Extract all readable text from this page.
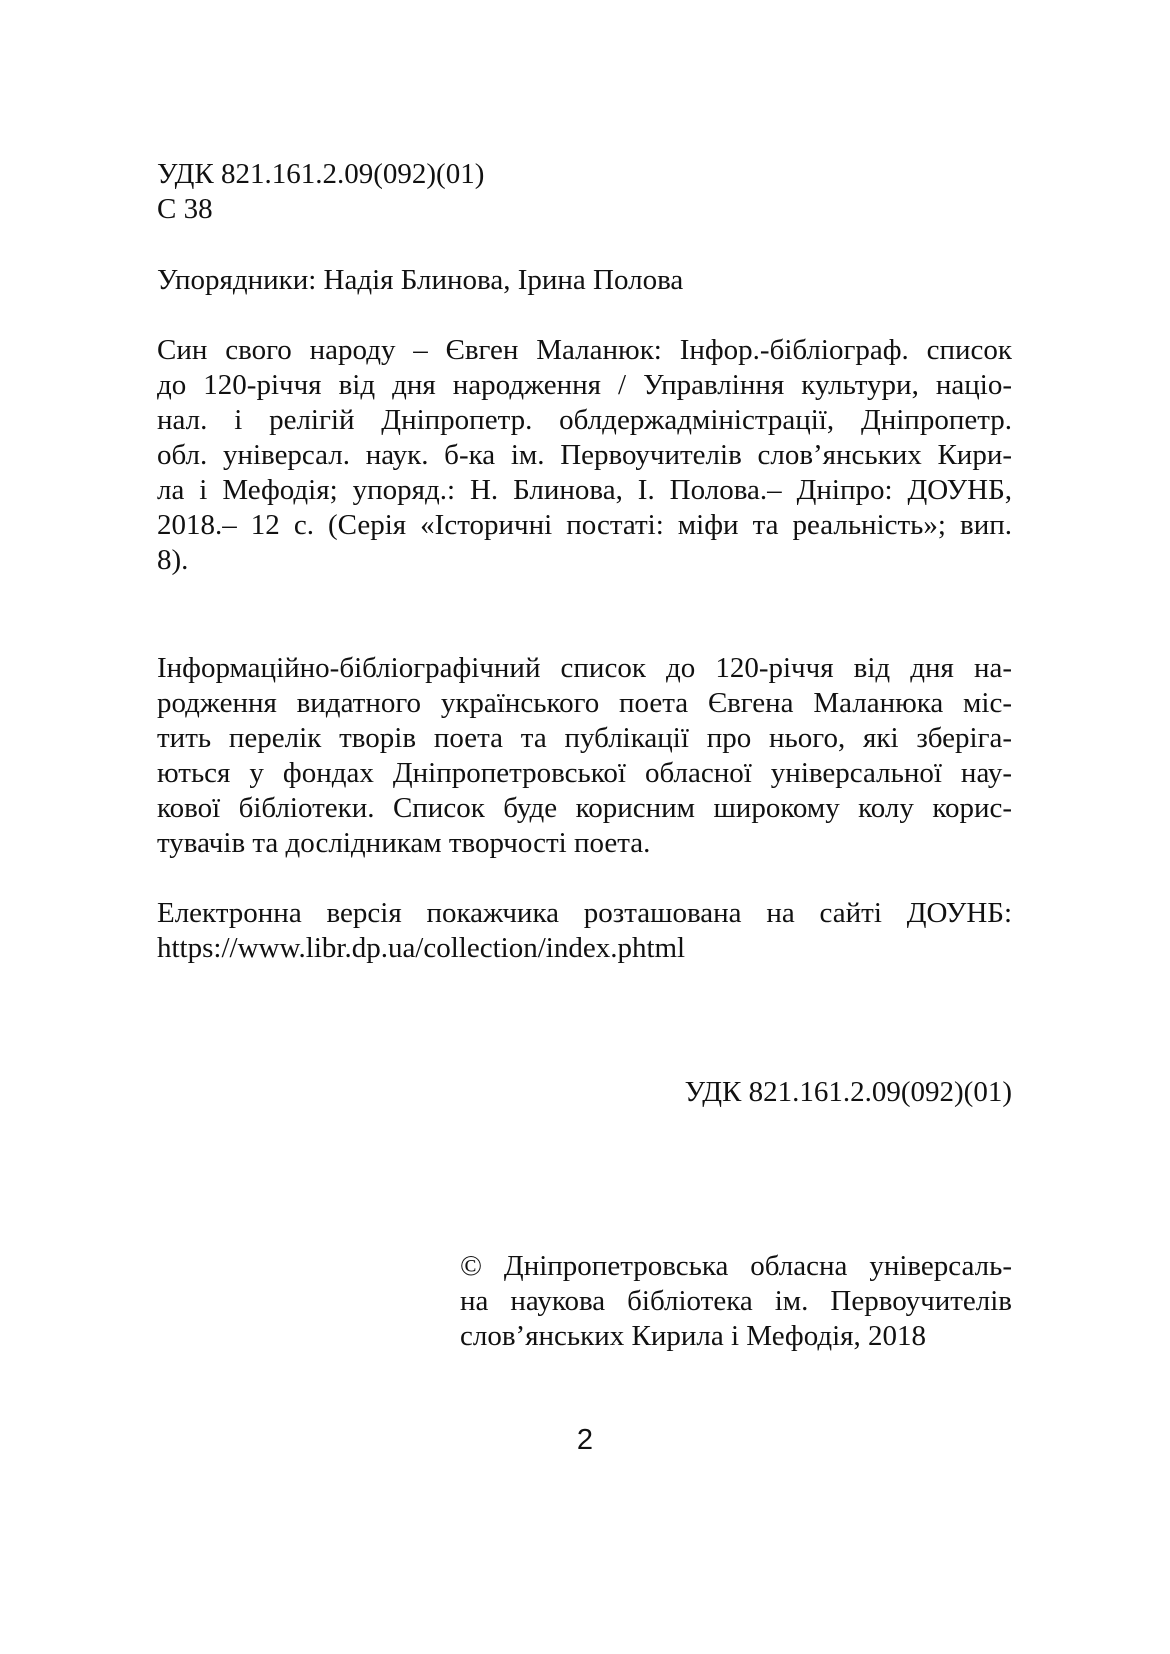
УДК 821.161.2.09(092)(01)
С 38
Упорядники: Надія Блинова, Ірина Полова
Син свого народу – Євген Маланюк: Інфор.-бібліограф. список
до 120-річчя від дня народження / Управління культури, націо-
нал. і релігій Дніпропетр. облдержадміністрації, Дніпропетр.
обл. універсал. наук. б-ка ім. Первоучителів слов’янських Кири-
ла і Мефодія; упоряд.: Н. Блинова, І. Полова.– Дніпро: ДОУНБ,
2018.– 12 с. (Серія «Історичні постаті: міфи та реальність»; вип.
8).
Інформаційно-бібліографічний список до 120-річчя від дня на-
родження видатного українського поета Євгена Маланюка міс-
тить перелік творів поета та публікації про нього, які зберіга-
ються у фондах Дніпропетровської обласної універсальної нау-
кової бібліотеки. Список буде корисним широкому колу корис-
тувачів та дослідникам творчості поета.
Електронна версія покажчика розташована на сайті ДОУНБ:
https://www.libr.dp.ua/collection/index.phtml
УДК 821.161.2.09(092)(01)
© Дніпропетровська обласна універсаль-
на наукова бібліотека ім. Первоучителів
слов’янських Кирила і Мефодія, 2018
2
